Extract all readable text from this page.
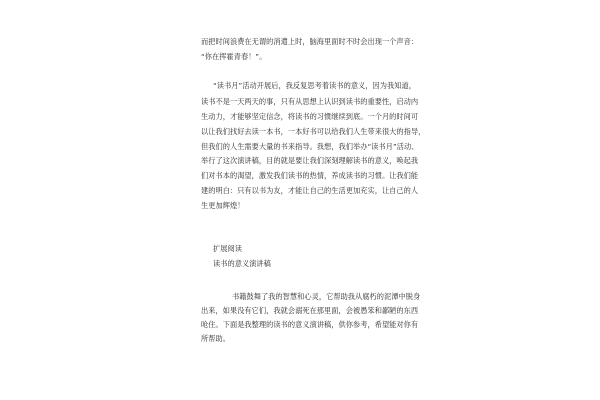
而把时间浪费在无谓的消遣上时，脑海里面时不时会出现一个声音：
“你在挥霍青春！”。
“读书月”活动开展后，我反复思考着读书的意义，因为我知道，
读书不是一天两天的事，只有从思想上认识到读书的重要性，启动内
生动力，才能够坚定信念，将读书的习惯继续到底。一个月的时间可
以让我们找好去读一本书，一本好书可以给我们人生带来很大的指导，
但我们的人生需要大量的书来指导。我想，我们举办“读书月”活动、
举行了这次演讲稿，目的就是要让我们深刻理解读书的意义，唤起我
们对书本的渴望，激发我们读书的热情，养成读书的习惯。让我们能
建的明白：只有以书为友，才能让自己的生活更加充实，让自己的人
生更加辉煌！
扩展阅读
读书的意义演讲稿
书籍鼓舞了我的智慧和心灵，它帮助我从腐朽的泥潭中脱身
出来，如果没有它们，我就会溺死在那里面，会被愚笨和鄙陋的东西
呛住。下面是我整理的读书的意义演讲稿，供你参考，希望能对你有
所帮助。
